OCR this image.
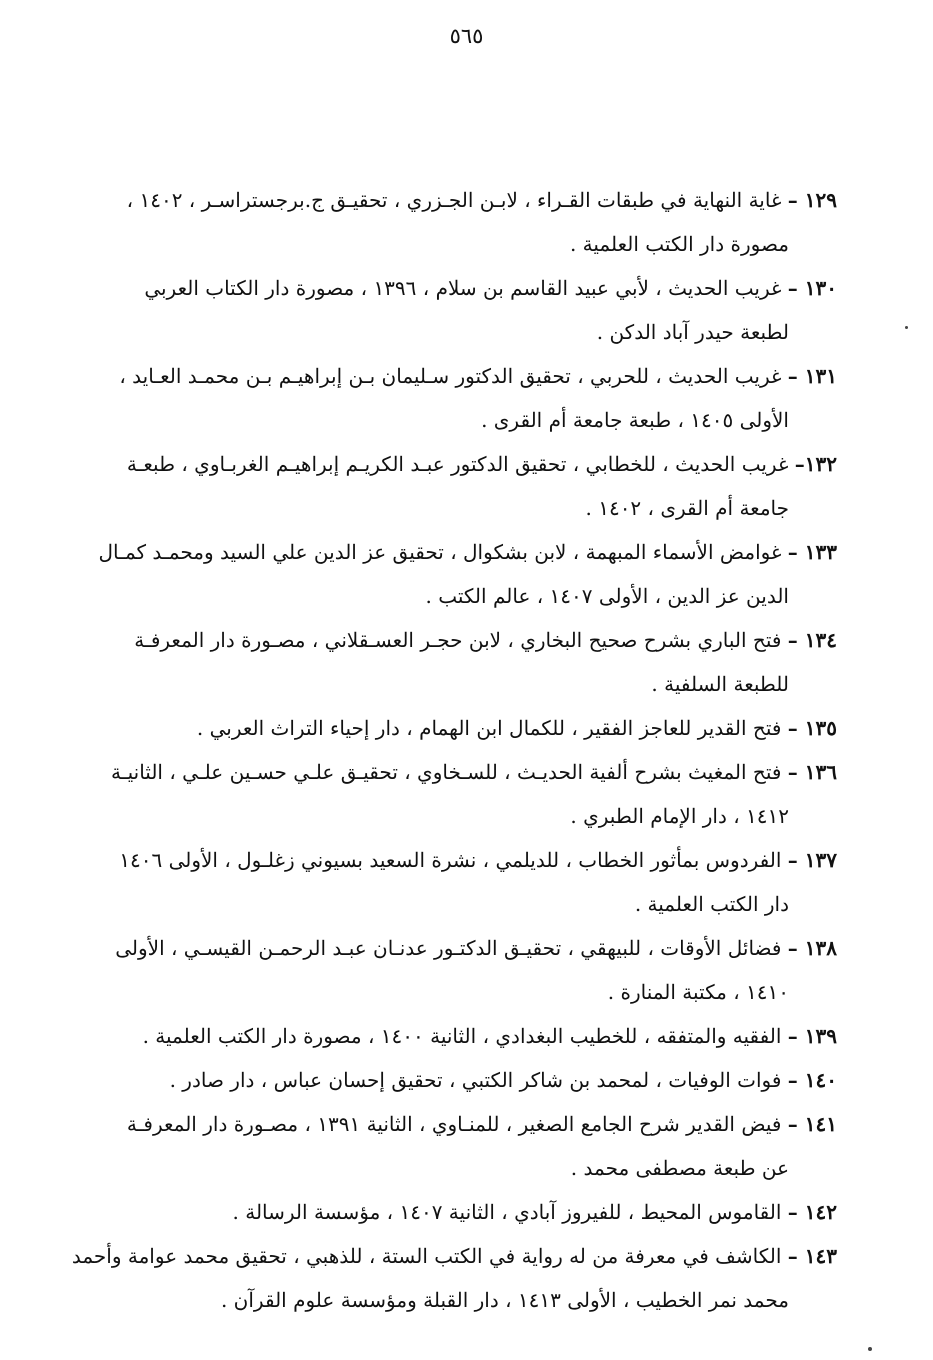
٥٦٥
١٢٩ – غاية النهاية في طبقات القـراء ، لابـن الجـزري ، تحقيـق ج.برجستراسـر ، ١٤٠٢ ،
مصورة دار الكتب العلمية .
١٣٠ – غريب الحديث ، لأبي عبيد القاسم بن سلام ، ١٣٩٦ ، مصورة دار الكتاب العربي
لطبعة حيدر آباد الدكن .
١٣١ – غريب الحديث ، للحربي ، تحقيق الدكتور سـليمان بـن إبراهيـم بـن محمـد العـايد ،
الأولى ١٤٠٥ ، طبعة جامعة أم القرى .
١٣٢– غريب الحديث ، للخطابي ، تحقيق الدكتور عبـد الكريـم إبراهيـم الغربـاوي ، طبعـة
جامعة أم القرى ، ١٤٠٢ .
١٣٣ – غوامض الأسماء المبهمة ، لابن بشكوال ، تحقيق عز الدين علي السيد ومحمـد كمـال
الدين عز الدين ، الأولى ١٤٠٧ ، عالم الكتب .
١٣٤ – فتح الباري بشرح صحيح البخاري ، لابن حجـر العسـقلاني ، مصـورة دار المعرفـة
للطبعة السلفية .
١٣٥ – فتح القدير للعاجز الفقير ، للكمال ابن الهمام ، دار إحياء التراث العربي .
١٣٦ – فتح المغيث بشرح ألفية الحديـث ، للسـخاوي ، تحقيـق علـي حسـين علـي ، الثانيـة
١٤١٢ ، دار الإمام الطبري .
١٣٧ – الفردوس بمأثور الخطاب ، للديلمي ، نشرة السعيد بسيوني زغلـول ، الأولى ١٤٠٦
دار الكتب العلمية .
١٣٨ – فضائل الأوقات ، للبيهقي ، تحقيـق الدكتـور عدنـان عبـد الرحمـن القيسـي ، الأولى
١٤١٠ ، مكتبة المنارة .
١٣٩ – الفقيه والمتفقه ، للخطيب البغدادي ، الثانية ١٤٠٠ ، مصورة دار الكتب العلمية .
١٤٠ – فوات الوفيات ، لمحمد بن شاكر الكتبي ، تحقيق إحسان عباس ، دار صادر .
١٤١ – فيض القدير شرح الجامع الصغير ، للمنـاوي ، الثانية ١٣٩١ ، مصـورة دار المعرفـة
عن طبعة مصطفى محمد .
١٤٢ – القاموس المحيط ، للفيروز آبادي ، الثانية ١٤٠٧ ، مؤسسة الرسالة .
١٤٣ – الكاشف في معرفة من له رواية في الكتب الستة ، للذهبي ، تحقيق محمد عوامة وأحمد
محمد نمر الخطيب ، الأولى ١٤١٣ ، دار القبلة ومؤسسة علوم القرآن .
